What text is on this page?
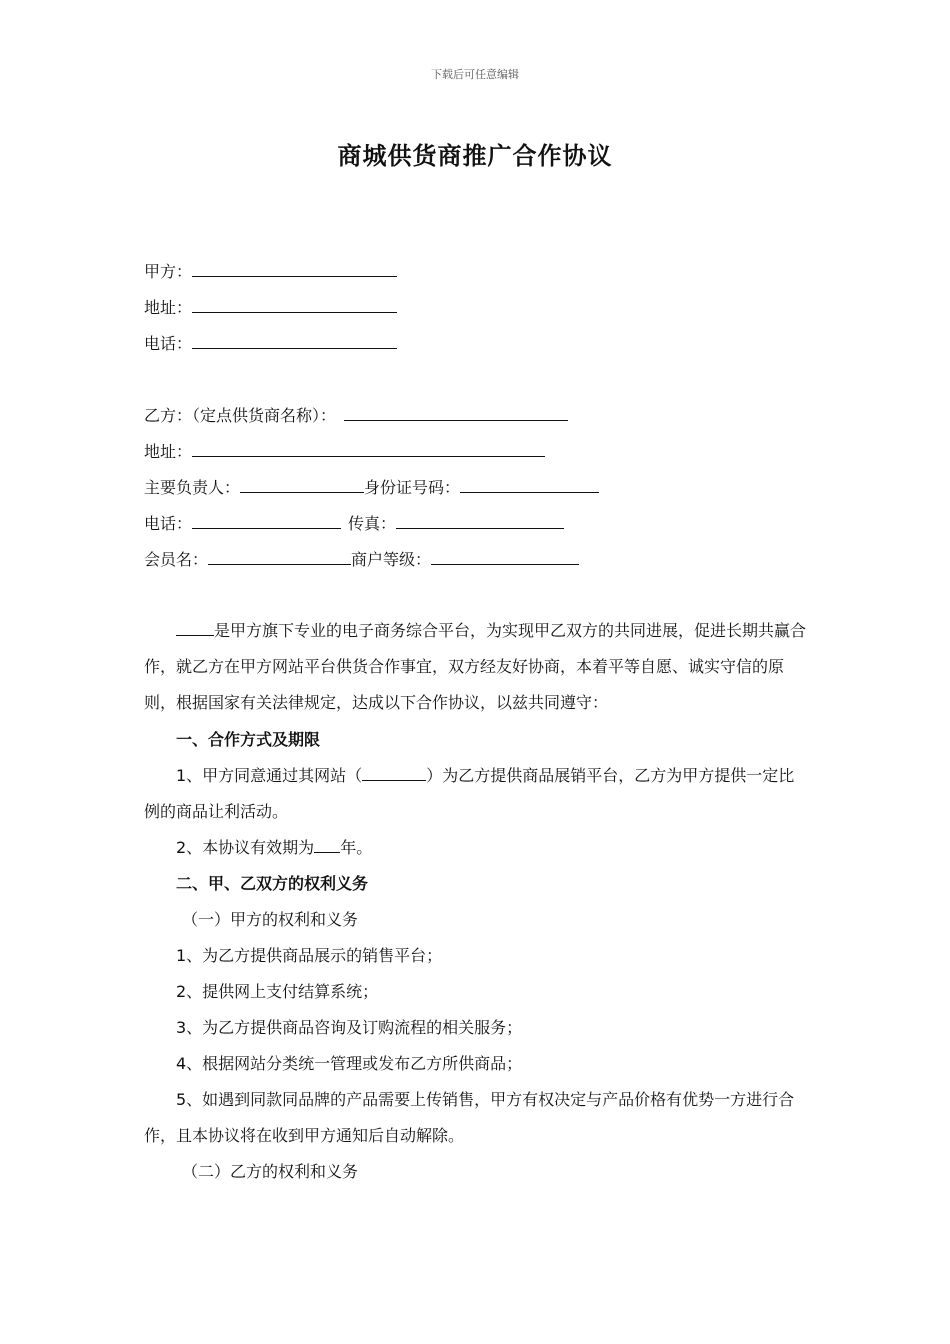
下载后可任意编辑
商城供货商推广合作协议
甲方：
地址：
电话：
乙方：（定点供货商名称）：
地址：
主要负责人：	身份证号码：
电话：	传真：
会员名：	商户等级：
是甲方旗下专业的电子商务综合平台，为实现甲乙双方的共同进展，促进长期共赢合作，就乙方在甲方网站平台供货合作事宜，双方经友好协商，本着平等自愿、诚实守信的原则，根据国家有关法律规定，达成以下合作协议，以兹共同遵守：
一、合作方式及期限
1、甲方同意通过其网站（	）为乙方提供商品展销平台，乙方为甲方提供一定比例的商品让利活动。
2、本协议有效期为 年。
二、甲、乙双方的权利义务
（一）甲方的权利和义务
1、为乙方提供商品展示的销售平台；
2、提供网上支付结算系统；
3、为乙方提供商品咨询及订购流程的相关服务；
4、根据网站分类统一管理或发布乙方所供商品；
5、如遇到同款同品牌的产品需要上传销售，甲方有权决定与产品价格有优势一方进行合作，且本协议将在收到甲方通知后自动解除。
（二）乙方的权利和义务
